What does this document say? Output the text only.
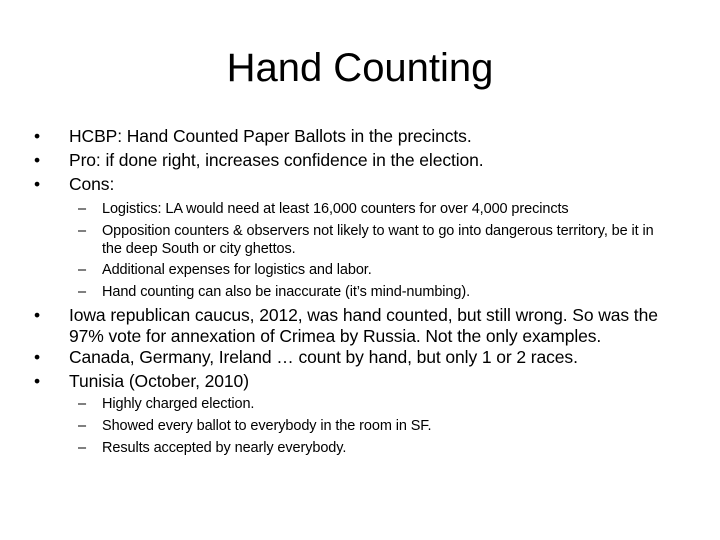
Hand Counting
•	HCBP: Hand Counted Paper Ballots in the precincts.
•	Pro: if done right, increases confidence in the election.
•	Cons:
– Logistics: LA would need at least 16,000 counters for over 4,000 precincts
– Opposition counters & observers not likely to want to go into dangerous territory, be it in the deep South or city ghettos.
– Additional expenses for logistics and labor.
– Hand counting can also be inaccurate (it’s mind-numbing).
•	Iowa republican caucus, 2012, was hand counted, but still wrong. So was the 97% vote for annexation of Crimea by Russia. Not the only examples.
•	Canada, Germany, Ireland … count by hand, but only 1 or 2 races.
•	Tunisia (October, 2010)
– Highly charged election.
– Showed every ballot to everybody in the room in SF.
– Results accepted by nearly everybody.
